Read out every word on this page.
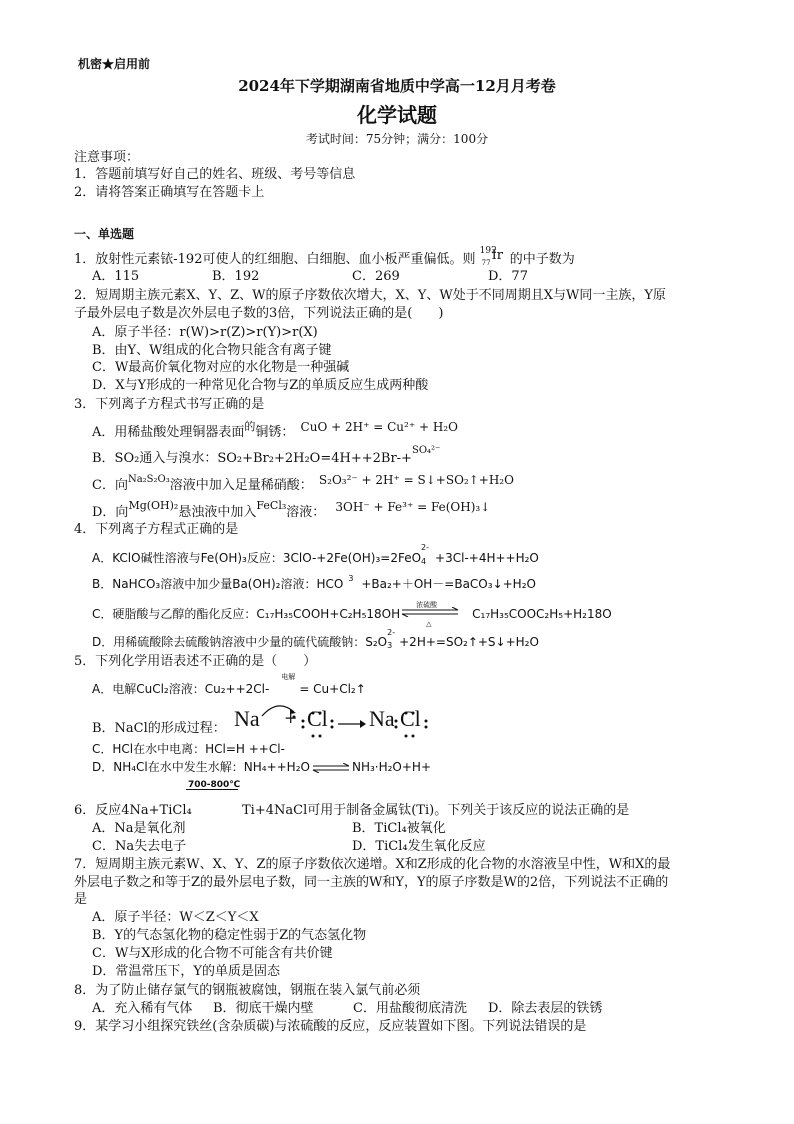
机密★启用前
2024年下学期湖南省地质中学高一12月月考卷
化学试题
考试时间：75分钟；满分：100分
注意事项：
1．答题前填写好自己的姓名、班级、考号等信息
2．请将答案正确填写在答题卡上
一、单选题
1．放射性元素铱-192可使人的红细胞、白细胞、血小板严重偏低。则
192
77 Ir 的中子数为
A．115	B．192	C．269	D．77
2．短周期主族元素X、Y、Z、W的原子序数依次增大，X、Y、W处于不同周期且X与W同一主族，Y原
子最外层电子数是次外层电子数的3倍，下列说法正确的是(　　)
A．原子半径：r(W)>r(Z)>r(Y)>r(X)
B．由Y、W组成的化合物只能含有离子键
C．W最高价氧化物对应的水化物是一种强碱
D．X与Y形成的一种常见化合物与Z的单质反应生成两种酸
3．下列离子方程式书写正确的是
A．用稀盐酸处理铜器表面$^的$铜锈： CuO + 2H⁺ = Cu²⁺ + H₂O
B．SO₂通入与溴水：SO₂+Br₂+2H₂O=4H++2Br-+$^{SO_4^{2-}}$
C．向$^{Na_2S_2O_3}$溶液中加入足量稀硝酸： S₂O₃²⁻ + 2H⁺ = S↓+SO₂↑+H₂O
D．向$^{Mg(OH)_2}$悬浊液中加入$^{FeCl_3}$溶液： 3OH⁻ + Fe³⁺ = Fe(OH)₃↓
4．下列离子方程式正确的是
A．KClO碱性溶液与Fe(OH)₃反应：3ClO-+2Fe(OH)₃=2FeO
2-
4 +3Cl-+4H++H₂O
B．NaHCO₃溶液中加少量Ba(OH)₂溶液：HCO 3 +Ba₂+＋OH－=BaCO₃↓+H₂O
C．硬脂酸与乙醇的酯化反应：C₁₇H₃₅COOH+C₂H₅18OH
浓硫酸
△
C₁₇H₃₅COOC₂H₅+H₂18O
D．用稀硫酸除去硫酸钠溶液中少量的硫代硫酸钠：S₂O
2-
3 +2H+=SO₂↑+S↓+H₂O
5．下列化学用语表述不正确的是（　　）
A．电解CuCl₂溶液：Cu₂++2Cl-
电解
= Cu+Cl₂↑
B．NaCl的形成过程： Na + Cl Na Cl
C．HCl在水中电离：HCl=H ++Cl-
D．NH₄Cl在水中发生水解：NH₄++H₂O ⇌ NH₃·H₂O+H+
700-800℃
6．反应4Na+TiCl₄	Ti+4NaCl可用于制备金属钛(Ti)。下列关于该反应的说法正确的是
A．Na是氧化剂	B．TiCl₄被氧化
C．Na失去电子	D．TiCl₄发生氧化反应
7．短周期主族元素W、X、Y、Z的原子序数依次递增。X和Z形成的化合物的水溶液呈中性，W和X的最
外层电子数之和等于Z的最外层电子数，同一主族的W和Y，Y的原子序数是W的2倍，下列说法不正确的
是
A．原子半径：W＜Z＜Y＜X
B．Y的气态氢化物的稳定性弱于Z的气态氢化物
C．W与X形成的化合物不可能含有共价键
D．常温常压下，Y的单质是固态
8．为了防止储存氯气的钢瓶被腐蚀，钢瓶在装入氯气前必须
A．充入稀有气体 B．彻底干燥内壁	C．用盐酸彻底清洗 D．除去表层的铁锈
9．某学习小组探究铁丝(含杂质碳)与浓硫酸的反应，反应装置如下图。下列说法错误的是
